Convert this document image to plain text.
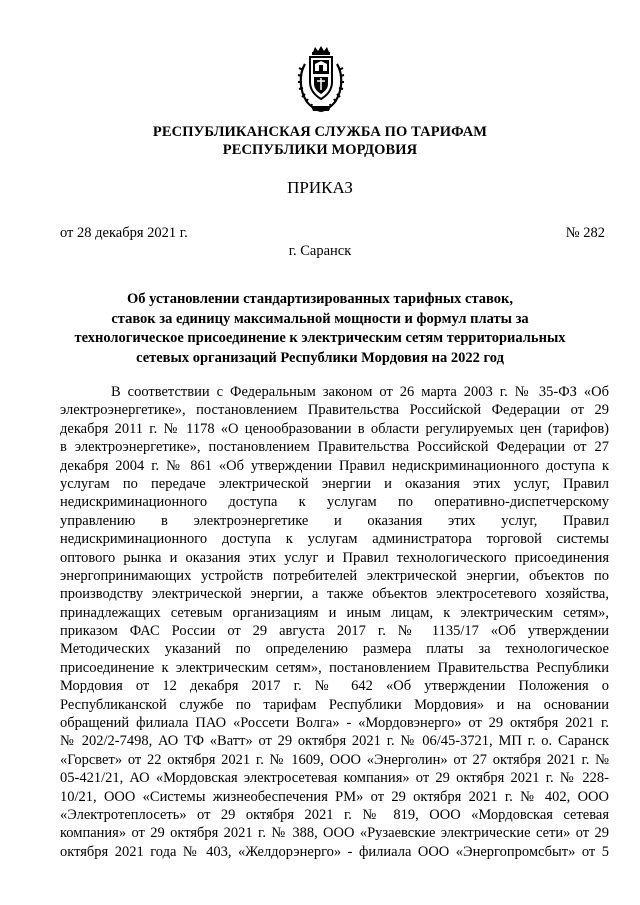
РЕСПУБЛИКАНСКАЯ СЛУЖБА ПО ТАРИФАМ
РЕСПУБЛИКИ МОРДОВИЯ
ПРИКАЗ
от 28 декабря 2021 г.	№ 282
г. Саранск
Об установлении стандартизированных тарифных ставок,
ставок за единицу максимальной мощности и формул платы за
технологическое присоединение к электрическим сетям территориальных
сетевых организаций Республики Мордовия на 2022 год
В соответствии с Федеральным законом от 26 марта 2003 г. № 35-ФЗ «Об
электроэнергетике», постановлением Правительства Российской Федерации от 29
декабря 2011 г. № 1178 «О ценообразовании в области регулируемых цен (тарифов)
в электроэнергетике», постановлением Правительства Российской Федерации от 27
декабря 2004 г. № 861 «Об утверждении Правил недискриминационного доступа к
услугам по передаче электрической энергии и оказания этих услуг, Правил
недискриминационного доступа к услугам по оперативно-диспетчерскому
управлению в электроэнергетике и оказания этих услуг, Правил
недискриминационного доступа к услугам администратора торговой системы
оптового рынка и оказания этих услуг и Правил технологического присоединения
энергопринимающих устройств потребителей электрической энергии, объектов по
производству электрической энергии, а также объектов электросетевого хозяйства,
принадлежащих сетевым организациям и иным лицам, к электрическим сетям»,
приказом ФАС России от 29 августа 2017 г. № 1135/17 «Об утверждении
Методических указаний по определению размера платы за технологическое
присоединение к электрическим сетям», постановлением Правительства Республики
Мордовия от 12 декабря 2017 г. № 642 «Об утверждении Положения о
Республиканской службе по тарифам Республики Мордовия» и на основании
обращений филиала ПАО «Россети Волга» - «Мордовэнерго» от 29 октября 2021 г.
№ 202/2-7498, АО ТФ «Ватт» от 29 октября 2021 г. № 06/45-3721, МП г. о. Саранск
«Горсвет» от 22 октября 2021 г. № 1609, ООО «Энерголин» от 27 октября 2021 г. №
05-421/21, АО «Мордовская электросетевая компания» от 29 октября 2021 г. № 228-
10/21, ООО «Системы жизнеобеспечения РМ» от 29 октября 2021 г. № 402, ООО
«Электротеплосеть» от 29 октября 2021 г. № 819, ООО «Мордовская сетевая
компания» от 29 октября 2021 г. № 388, ООО «Рузаевские электрические сети» от 29
октября 2021 года № 403, «Желдорэнерго» - филиала ООО «Энергопромсбыт» от 5
